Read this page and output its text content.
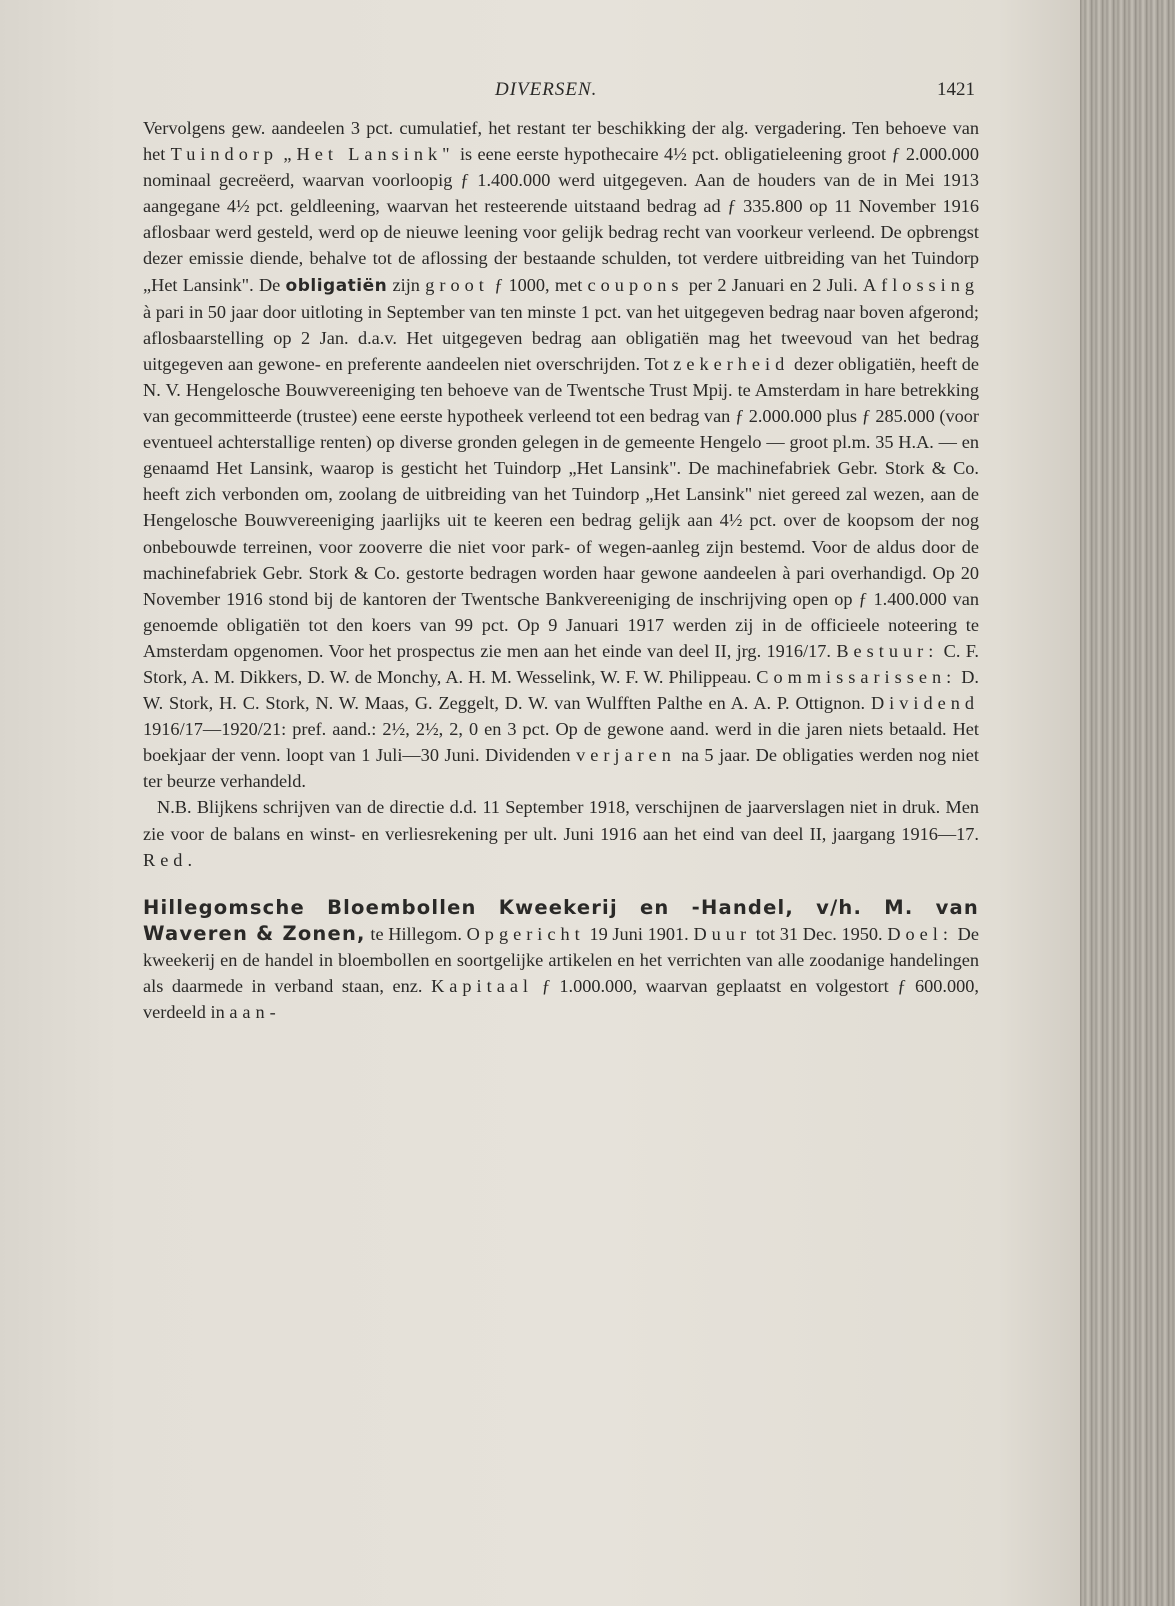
DIVERSEN.	1421

Vervolgens gew. aandeelen 3 pct. cumulatief, het restant ter beschikking der alg. vergadering. Ten behoeve van het Tuindorp „Het Lansink" is eene eerste hypothecaire 4½ pct. obligatieleening groot ƒ 2.000.000 nominaal gecreëerd, waarvan voorloopig ƒ 1.400.000 werd uitgegeven. Aan de houders van de in Mei 1913 aangegane 4½ pct. geldleening, waarvan het resteerende uitstaand bedrag ad ƒ 335.800 op 11 November 1916 aflosbaar werd gesteld, werd op de nieuwe leening voor gelijk bedrag recht van voorkeur verleend. De opbrengst dezer emissie diende, behalve tot de aflossing der bestaande schulden, tot verdere uitbreiding van het Tuindorp „Het Lansink". De obligatiën zijn groot ƒ 1000, met coupons per 2 Januari en 2 Juli. Aflossing à pari in 50 jaar door uitloting in September van ten minste 1 pct. van het uitgegeven bedrag naar boven afgerond; aflosbaarstelling op 2 Jan. d.a.v. Het uitgegeven bedrag aan obligatiën mag het tweevoud van het bedrag uitgegeven aan gewone- en preferente aandeelen niet overschrijden. Tot zekerheid dezer obligatiën, heeft de N. V. Hengelosche Bouwvereeniging ten behoeve van de Twentsche Trust Mpij. te Amsterdam in hare betrekking van gecommitteerde (trustee) eene eerste hypotheek verleend tot een bedrag van ƒ 2.000.000 plus ƒ 285.000 (voor eventueel achterstallige renten) op diverse gronden gelegen in de gemeente Hengelo — groot pl.m. 35 H.A. — en genaamd Het Lansink, waarop is gesticht het Tuindorp „Het Lansink". De machinefabriek Gebr. Stork & Co. heeft zich verbonden om, zoolang de uitbreiding van het Tuindorp „Het Lansink" niet gereed zal wezen, aan de Hengelosche Bouwvereeniging jaarlijks uit te keeren een bedrag gelijk aan 4½ pct. over de koopsom der nog onbebouwde terreinen, voor zooverre die niet voor park- of wegen-aanleg zijn bestemd. Voor de aldus door de machinefabriek Gebr. Stork & Co. gestorte bedragen worden haar gewone aandeelen à pari overhandigd. Op 20 November 1916 stond bij de kantoren der Twentsche Bankvereeniging de inschrijving open op ƒ 1.400.000 van genoemde obligatiën tot den koers van 99 pct. Op 9 Januari 1917 werden zij in de officieele noteering te Amsterdam opgenomen. Voor het prospectus zie men aan het einde van deel II, jrg. 1916/17. Bestuur: C. F. Stork, A. M. Dikkers, D. W. de Monchy, A. H. M. Wesselink, W. F. W. Philippeau. Commissarissen: D. W. Stork, H. C. Stork, N. W. Maas, G. Zeggelt, D. W. van Wulfften Palthe en A. A. P. Ottignon. Dividend 1916/17—1920/21: pref. aand.: 2½, 2½, 2, 0 en 3 pct. Op de gewone aand. werd in die jaren niets betaald. Het boekjaar der venn. loopt van 1 Juli—30 Juni. Dividenden verjaren na 5 jaar. De obligaties werden nog niet ter beurze verhandeld.

N.B. Blijkens schrijven van de directie d.d. 11 September 1918, verschijnen de jaarverslagen niet in druk. Men zie voor de balans en winst- en verliesrekening per ult. Juni 1916 aan het eind van deel II, jaargang 1916—17. Red.

Hillegomsche Bloembollen Kweekerij en -Handel, v/h. M. van Waveren & Zonen, te Hillegom. Opgericht 19 Juni 1901. Duur tot 31 Dec. 1950. Doel: De kweekerij en de handel in bloembollen en soortgelijke artikelen en het verrichten van alle zoodanige handelingen als daarmede in verband staan, enz. Kapitaal ƒ 1.000.000, waarvan geplaatst en volgestort ƒ 600.000, verdeeld in aan-
